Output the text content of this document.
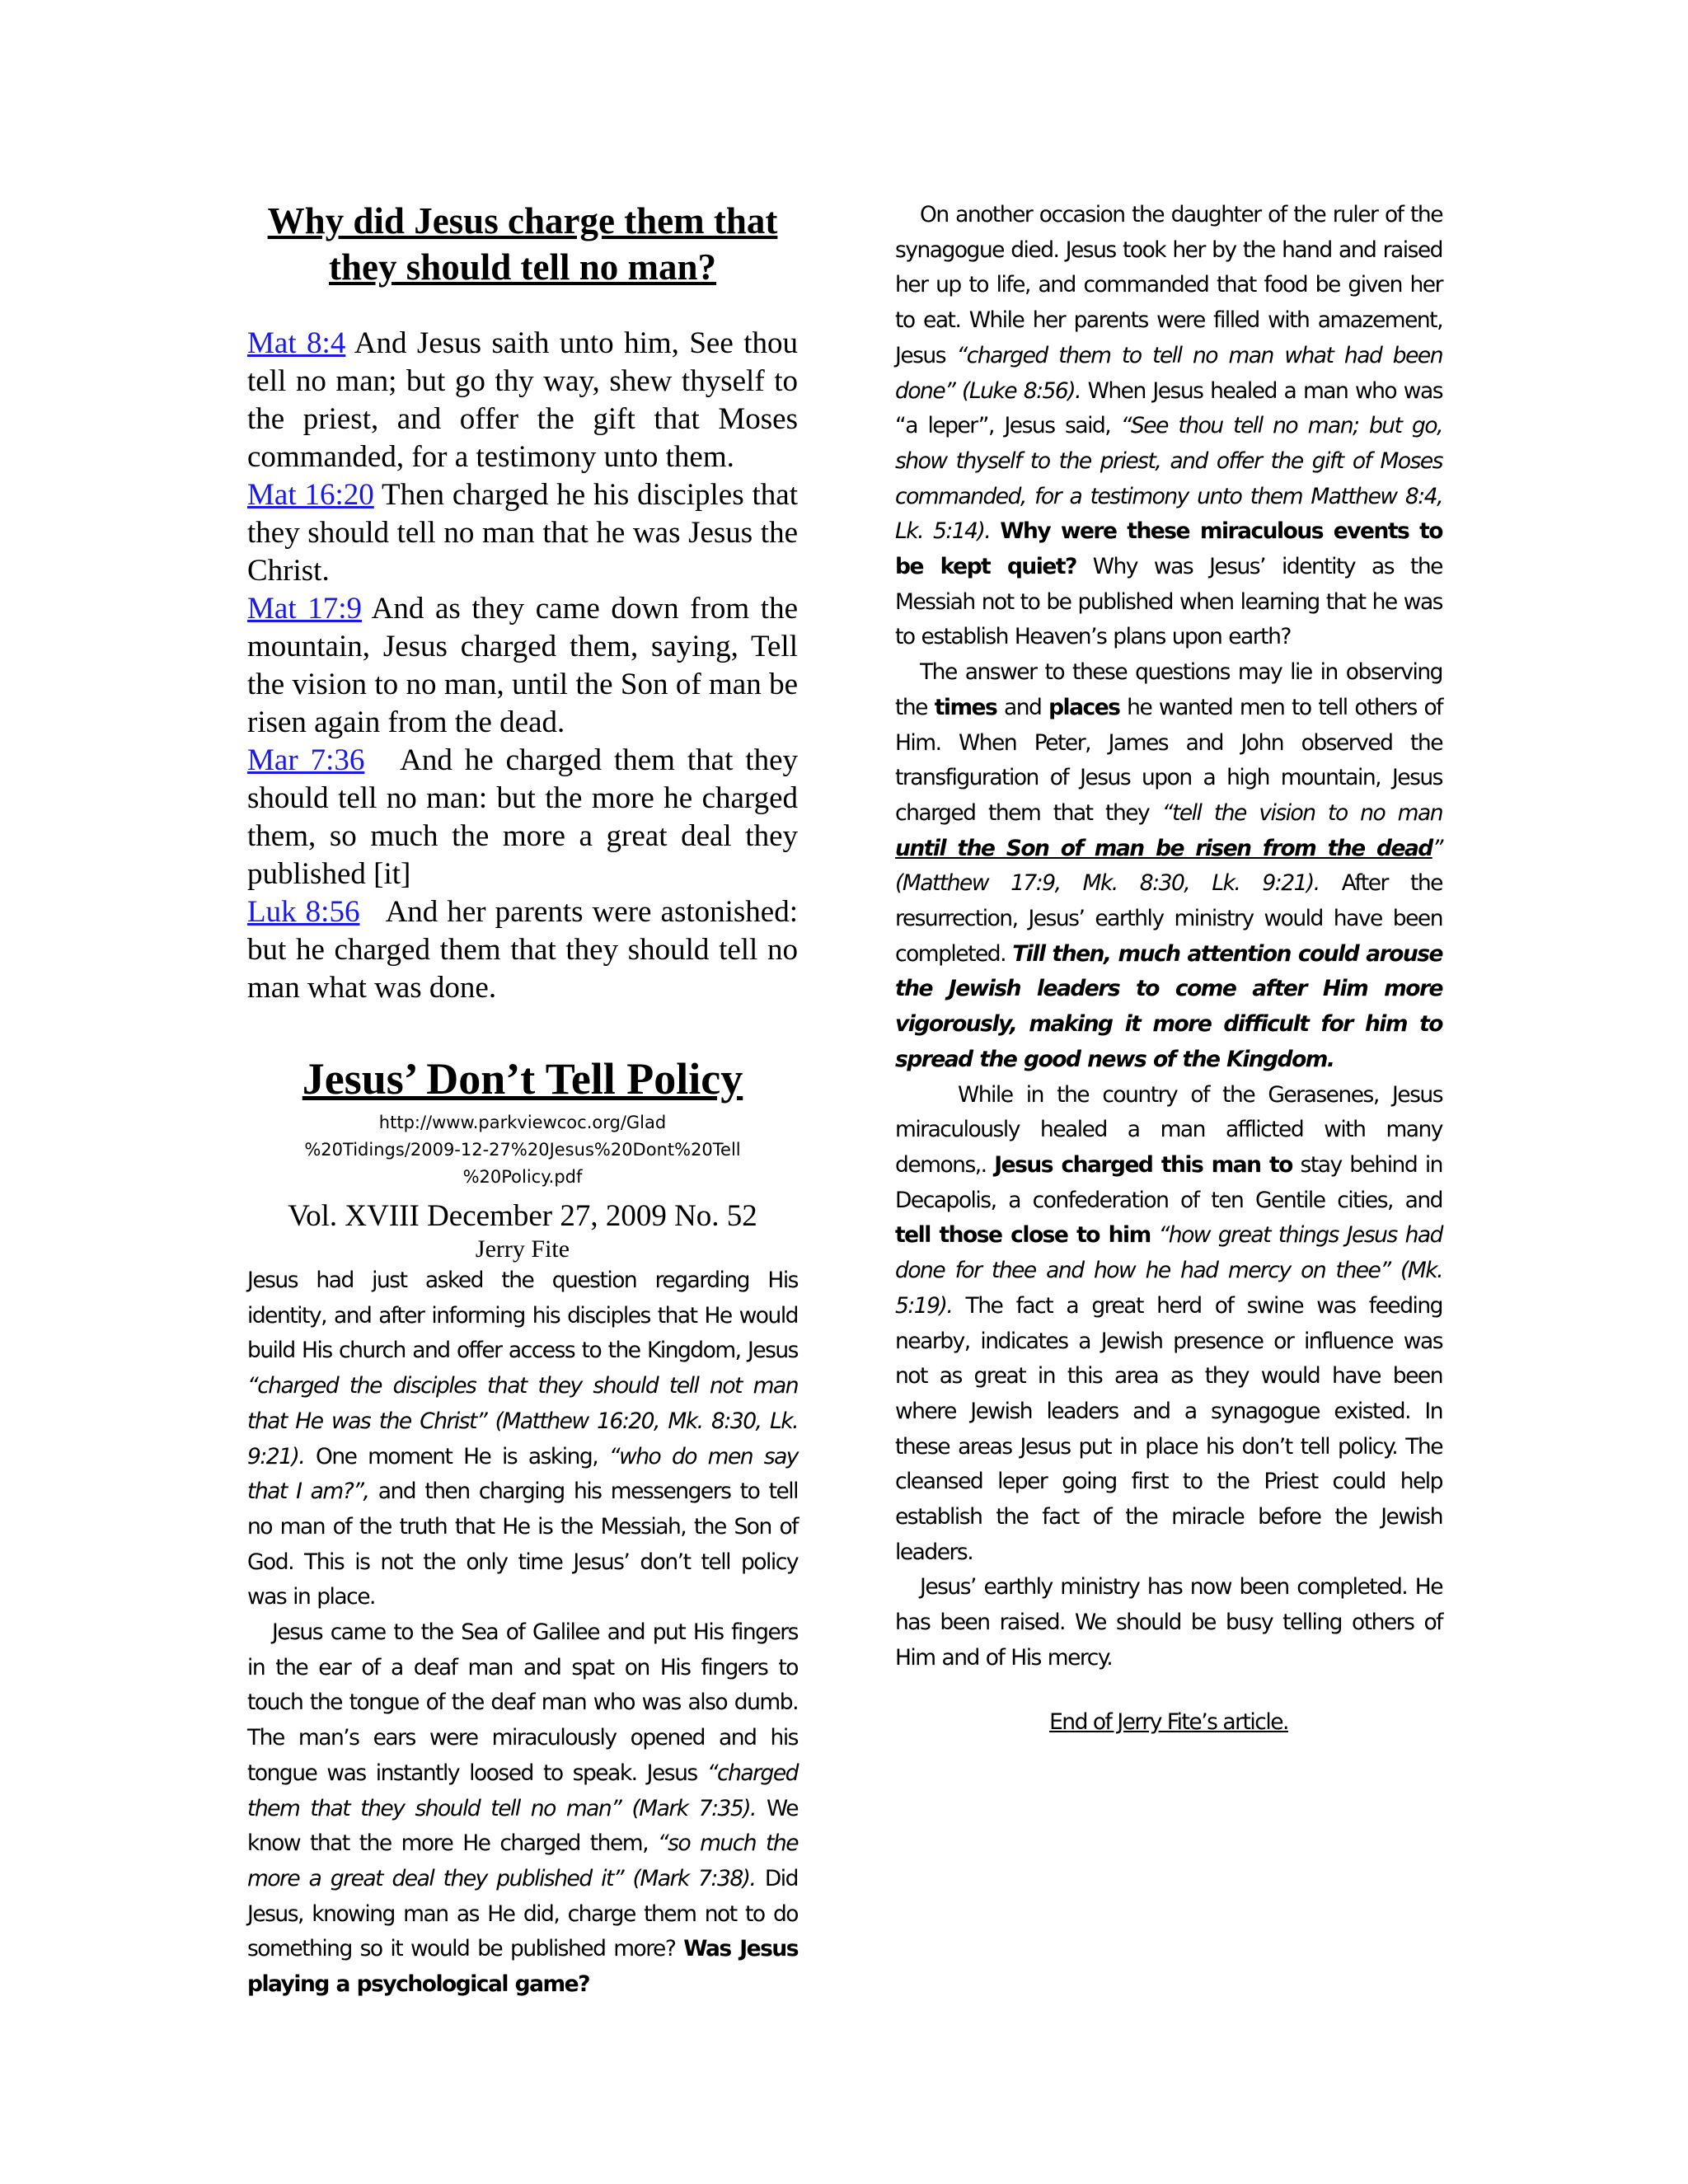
Why did Jesus charge them that
they should tell no man?

Mat 8:4 And Jesus saith unto him, See thou tell no man; but go thy way, shew thyself to the priest, and offer the gift that Moses commanded, for a testimony unto them.

Mat 16:20 Then charged he his disciples that they should tell no man that he was Jesus the Christ.

Mat 17:9 And as they came down from the mountain, Jesus charged them, saying, Tell the vision to no man, until the Son of man be risen again from the dead.

Mar 7:36   And he charged them that they should tell no man: but the more he charged them, so much the more a great deal they published [it]

Luk 8:56   And her parents were astonished: but he charged them that they should tell no man what was done.

Jesus’ Don’t Tell Policy

http://www.parkviewcoc.org/Glad
%20Tidings/2009-12-27%20Jesus%20Dont%20Tell
%20Policy.pdf

Vol. XVIII December 27, 2009 No. 52

Jerry Fite

Jesus had just asked the question regarding His identity, and after informing his disciples that He would build His church and offer access to the Kingdom, Jesus “charged the disciples that they should tell not man that He was the Christ” (Matthew 16:20, Mk. 8:30, Lk. 9:21). One moment He is asking, “who do men say that I am?”, and then charging his messengers to tell no man of the truth that He is the Messiah, the Son of God. This is not the only time Jesus’ don’t tell policy was in place.

Jesus came to the Sea of Galilee and put His fingers in the ear of a deaf man and spat on His fingers to touch the tongue of the deaf man who was also dumb. The man’s ears were miraculously opened and his tongue was instantly loosed to speak. Jesus “charged them that they should tell no man” (Mark 7:35). We know that the more He charged them, “so much the more a great deal they published it” (Mark 7:38). Did Jesus, knowing man as He did, charge them not to do something so it would be published more? Was Jesus playing a psychological game?

On another occasion the daughter of the ruler of the synagogue died. Jesus took her by the hand and raised her up to life, and commanded that food be given her to eat. While her parents were filled with amazement, Jesus “charged them to tell no man what had been done” (Luke 8:56). When Jesus healed a man who was “a leper”, Jesus said, “See thou tell no man; but go, show thyself to the priest, and offer the gift of Moses commanded, for a testimony unto them Matthew 8:4, Lk. 5:14). Why were these miraculous events to be kept quiet? Why was Jesus’ identity as the Messiah not to be published when learning that he was to establish Heaven’s plans upon earth?

The answer to these questions may lie in observing the times and places he wanted men to tell others of Him. When Peter, James and John observed the transfiguration of Jesus upon a high mountain, Jesus charged them that they “tell the vision to no man until the Son of man be risen from the dead” (Matthew 17:9, Mk. 8:30, Lk. 9:21). After the resurrection, Jesus’ earthly ministry would have been completed. Till then, much attention could arouse the Jewish leaders to come after Him more vigorously, making it more difficult for him to spread the good news of the Kingdom.

While in the country of the Gerasenes, Jesus miraculously healed a man afflicted with many demons,. Jesus charged this man to stay behind in Decapolis, a confederation of ten Gentile cities, and tell those close to him “how great things Jesus had done for thee and how he had mercy on thee” (Mk. 5:19). The fact a great herd of swine was feeding nearby, indicates a Jewish presence or influence was not as great in this area as they would have been where Jewish leaders and a synagogue existed. In these areas Jesus put in place his don’t tell policy. The cleansed leper going first to the Priest could help establish the fact of the miracle before the Jewish leaders.

Jesus’ earthly ministry has now been completed. He has been raised. We should be busy telling others of Him and of His mercy.

End of Jerry Fite’s article.
